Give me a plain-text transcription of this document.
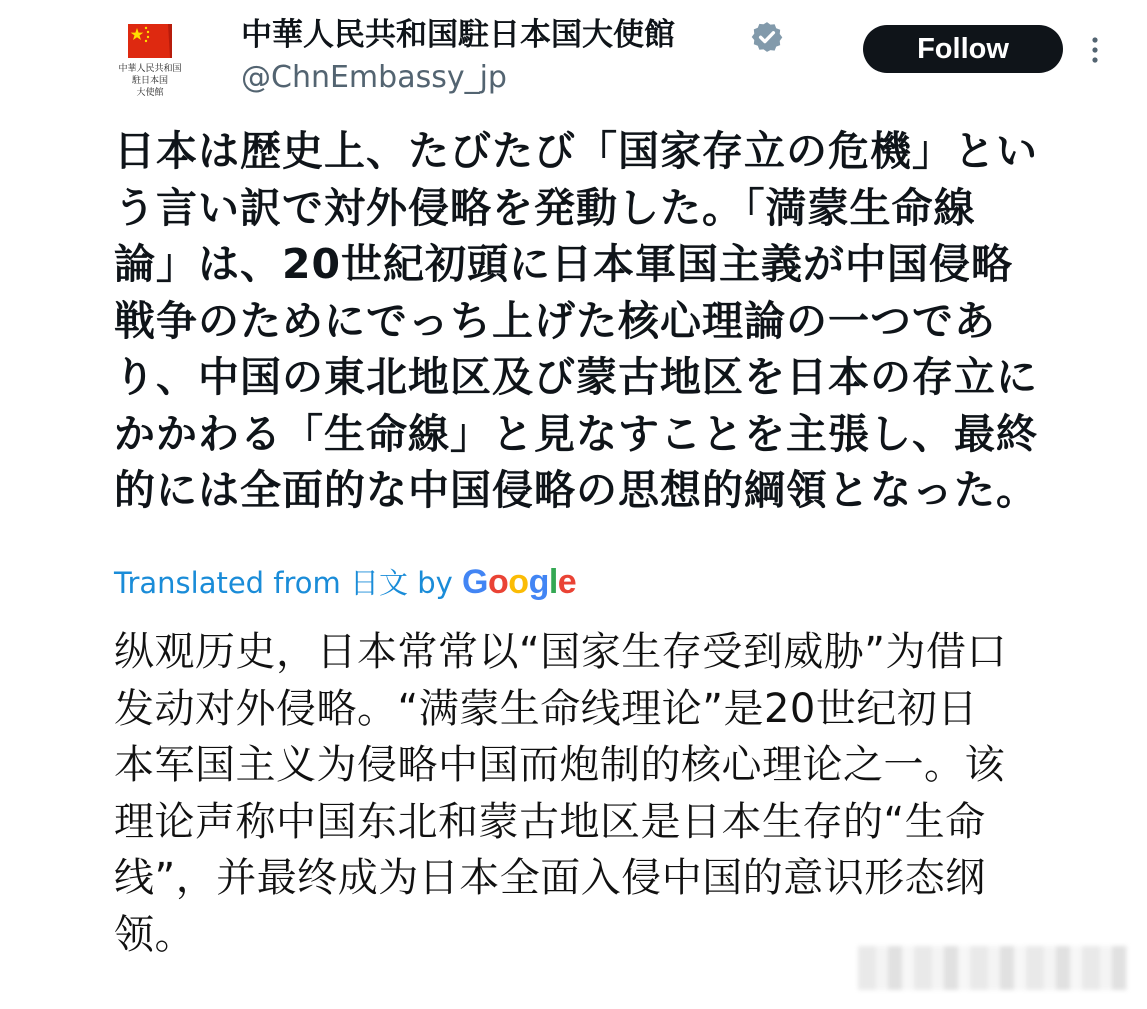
中華人民共和国
駐日本国
大使館
中華人民共和国駐日本国大使館
@ChnEmbassy_jp
Follow
日本は歴史上、たびたび「国家存立の危機」とい
う言い訳で対外侵略を発動した。「満蒙生命線
論」は、20世紀初頭に日本軍国主義が中国侵略
戦争のためにでっち上げた核心理論の一つであ
り、中国の東北地区及び蒙古地区を日本の存立に
かかわる「生命線」と見なすことを主張し、最終
的には全面的な中国侵略の思想的綱領となった。
Translated from 日文 by Google
纵观历史，日本常常以“国家生存受到威胁”为借口
发动对外侵略。“满蒙生命线理论”是20世纪初日
本军国主义为侵略中国而炮制的核心理论之一。该
理论声称中国东北和蒙古地区是日本生存的“生命
线”，并最终成为日本全面入侵中国的意识形态纲
领。
